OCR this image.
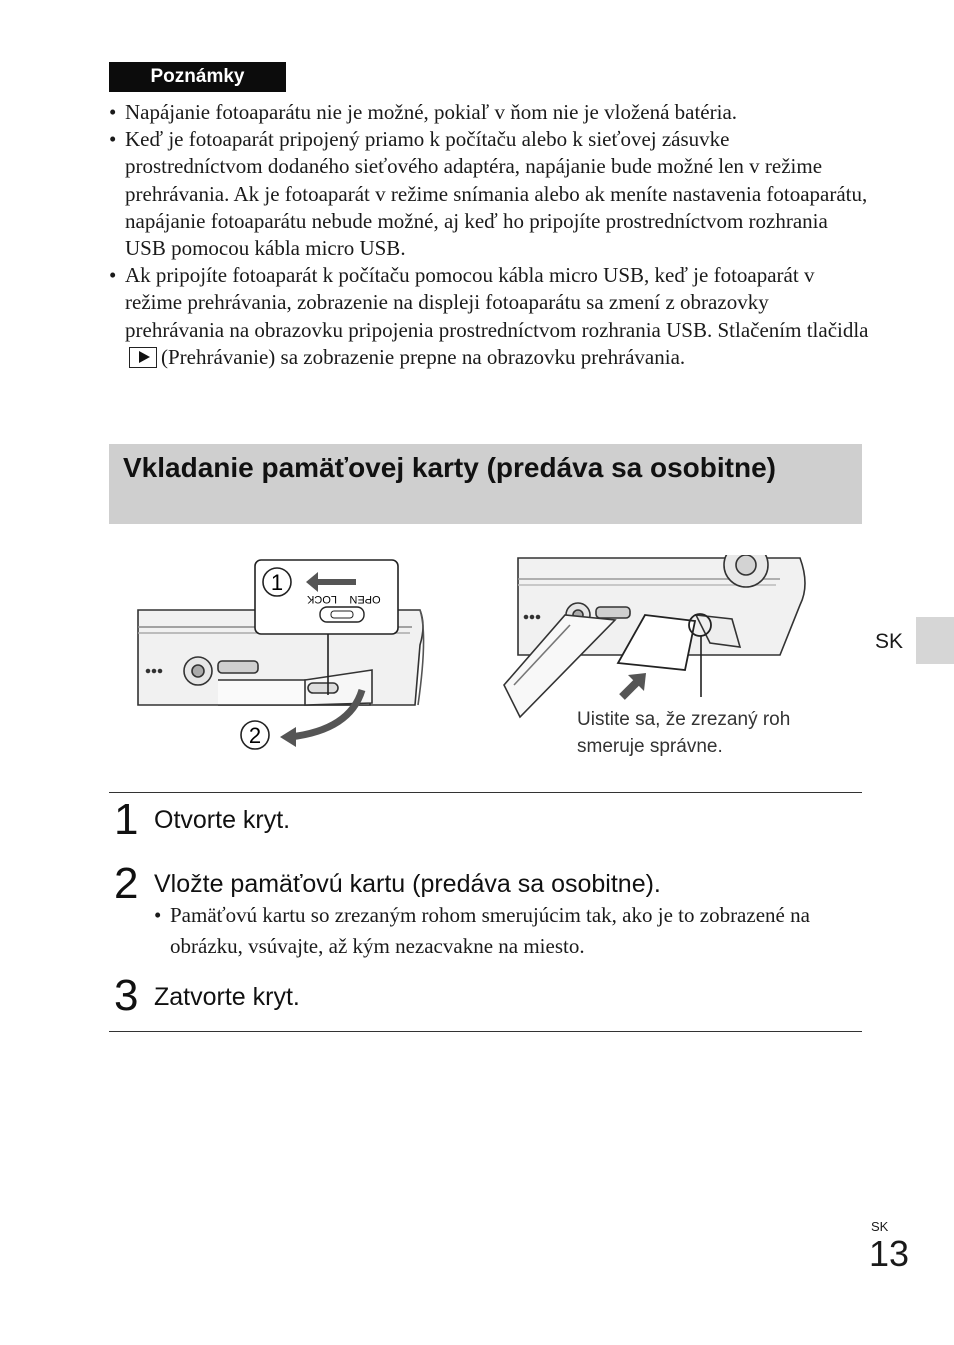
Poznámky
• Napájanie fotoaparátu nie je možné, pokiaľ v ňom nie je vložená batéria.
• Keď je fotoaparát pripojený priamo k počítaču alebo k sieťovej zásuvke prostredníctvom dodaného sieťového adaptéra, napájanie bude možné len v režime prehrávania. Ak je fotoaparát v režime snímania alebo ak meníte nastavenia fotoaparátu, napájanie fotoaparátu nebude možné, aj keď ho pripojíte prostredníctvom rozhrania USB pomocou kábla micro USB.
• Ak pripojíte fotoaparát k počítaču pomocou kábla micro USB, keď je fotoaparát v režime prehrávania, zobrazenie na displeji fotoaparátu sa zmení z obrazovky prehrávania na obrazovku pripojenia prostredníctvom rozhrania USB. Stlačením tlačidla(Prehrávanie) sa zobrazenie prepne na obrazovku prehrávania.
Vkladanie pamäťovej karty (predáva sa osobitne)
SK
1
2
LOCK OPEN
Uistite sa, že zrezaný roh smeruje správne.
1 Otvorte kryt.
2 Vložte pamäťovú kartu (predáva sa osobitne).
• Pamäťovú kartu so zrezaným rohom smerujúcim tak, ako je to zobrazené na obrázku, vsúvajte, až kým nezacvakne na miesto.
3 Zatvorte kryt.
SK
13
